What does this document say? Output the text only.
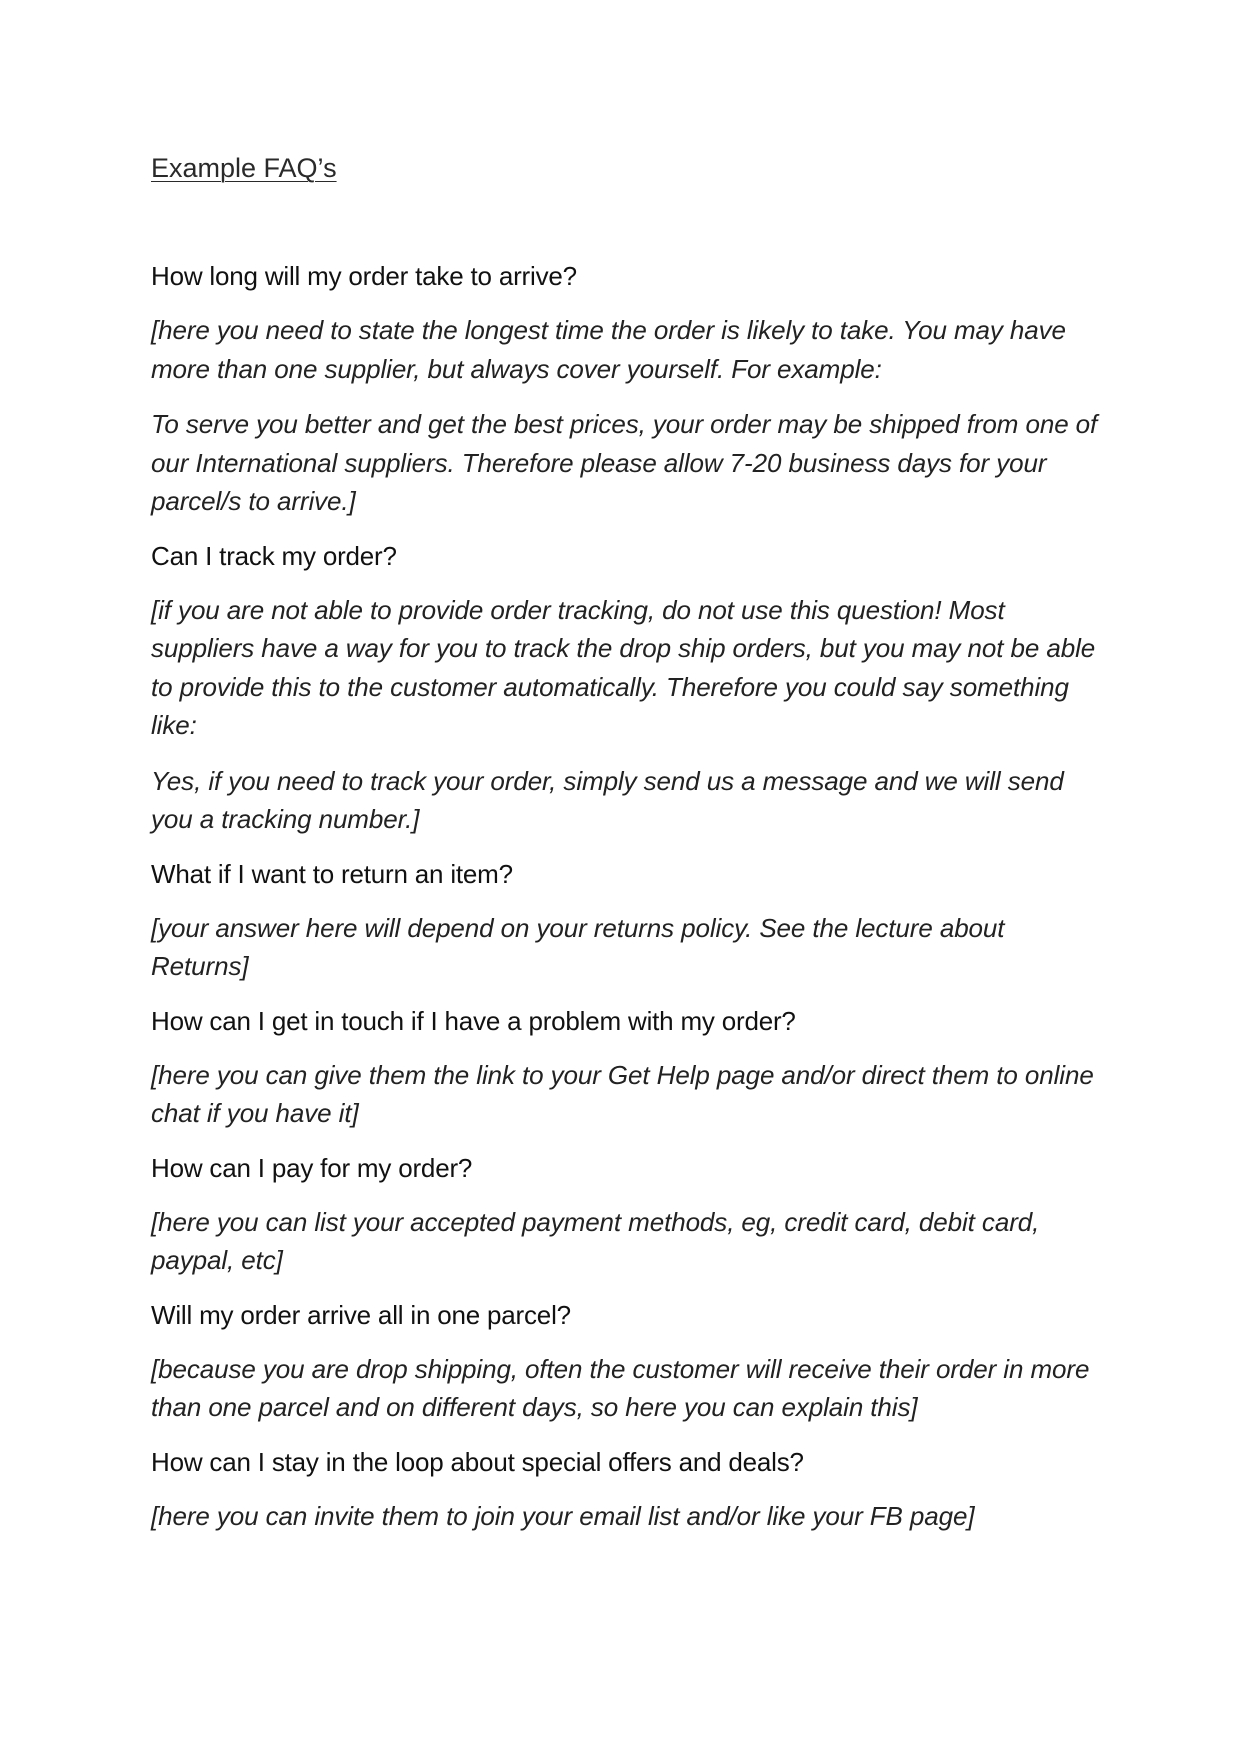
Example FAQ’s
How long will my order take to arrive?

[here you need to state the longest time the order is likely to take. You may have more than one supplier, but always cover yourself. For example:

To serve you better and get the best prices, your order may be shipped from one of our International suppliers. Therefore please allow 7-20 business days for your parcel/s to arrive.]

Can I track my order?

[if you are not able to provide order tracking, do not use this question! Most suppliers have a way for you to track the drop ship orders, but you may not be able to provide this to the customer automatically. Therefore you could say something like:

Yes, if you need to track your order, simply send us a message and we will send you a tracking number.]

What if I want to return an item?

[your answer here will depend on your returns policy. See the lecture about Returns]

How can I get in touch if I have a problem with my order?

[here you can give them the link to your Get Help page and/or direct them to online chat if you have it]

How can I pay for my order?

[here you can list your accepted payment methods, eg, credit card, debit card, paypal, etc]

Will my order arrive all in one parcel?

[because you are drop shipping, often the customer will receive their order in more than one parcel and on different days, so here you can explain this]

How can I stay in the loop about special offers and deals?

[here you can invite them to join your email list and/or like your FB page]
